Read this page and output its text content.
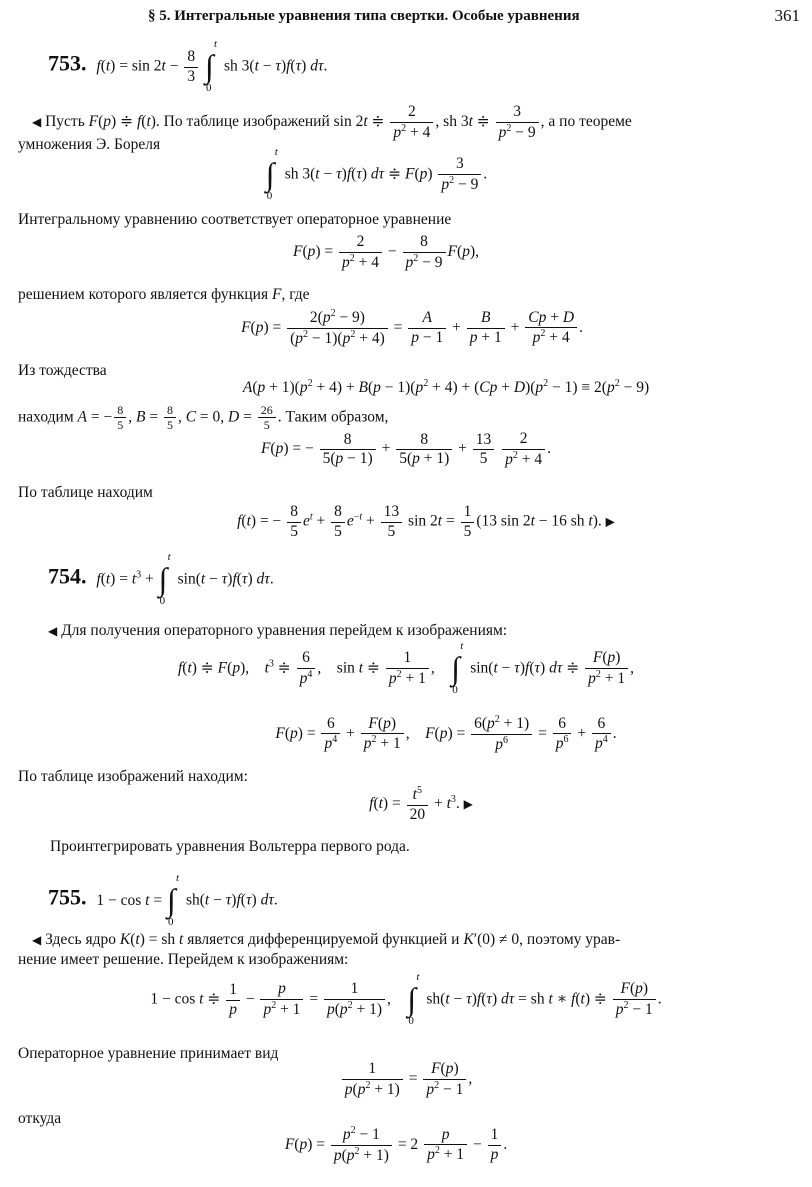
§ 5. Интегральные уравнения типа свертки. Особые уравнения	361
753. $f(t) = \sin 2t - \frac{8}{3}$
∫
t
0
sh 3(t − τ)f(τ) dτ.
◀ Пусть F(p) ≑ f(t). По таблице изображений sin 2t ≑ $\frac{2}{p^2 + 4}$ , sh 3t ≑ $\frac{3}{p^2 - 9}$ , а по теореме
умножения Э. Бореля
∫
t
0
sh 3(t − τ)f(τ) dτ ≑ $F(p) \frac{3}{p^2 - 9}$ .
Интегральному уравнению соответствует операторное уравнение
$F(p) = \frac{2}{p^2 + 4} - \frac{8}{p^2 - 9} F(p)$,
решением которого является функция F, где
$F(p) = \frac{2(p^2 - 9)}{(p^2 - 1)(p^2 + 4)} = \frac{A}{p - 1} + \frac{B}{p + 1} + \frac{Cp + D}{p^2 + 4}$ .
Из тождества
$A(p + 1)(p^2 + 4) + B(p - 1)(p^2 + 4) + (Cp + D)(p^2 - 1) \equiv 2(p^2 - 9)$
находим A = − $\frac{8}{5}$ , $B = \frac{8}{5}$ , C = 0, $D = \frac{26}{5}$ . Таким образом,
F(p) = − $\frac{8}{5(p - 1)} + \frac{8}{5(p + 1)} + \frac{13}{5}$
$\frac{2}{p^2 + 4}$ .
По таблице находим
f(t) = − $\frac{8}{5} e^t + \frac{8}{5} e^{-t} + \frac{13}{5}$ $\sin 2t = \frac{1}{5} (13$ sin 2t − 16 sh t). ▶
754. $f(t) = t^3$ + ∫
t
0
sin(t − τ)f(τ) dτ.
◀ Для получения операторного уравнения перейдем к изображениям:
f(t) ≑ F(p),    $t^3$ ≑ $\frac{6}{p^4}$ ,    sin t ≑ $\frac{1}{p^2 + 1}$ , ∫
t
0
sin(t − τ)f(τ) dτ ≑ $\frac{F(p)}{p^2 + 1}$ ,
$F(p) = \frac{6}{p^4} + \frac{F(p)}{p^2 + 1}$ ,    $F(p) = \frac{6(p^2 + 1)}{p^6} = \frac{6}{p^6} + \frac{6}{p^4}$ .
По таблице изображений находим:
$f(t) = \frac{t^5}{20} + t^3$. ▶
Проинтегрировать уравнения Вольтерра первого рода.
755. 1 − cos t = ∫
t
0
sh(t − τ)f(τ) dτ.
◀ Здесь ядро K(t) = sh t является дифференцируемой функцией и K′(0) ≠ 0, поэтому урав-
нение имеет решение. Перейдем к изображениям:
1 − cos t ≑ $\frac{1}{p} - \frac{p}{p^2 + 1} = \frac{1}{p(p^2 + 1)}$ , ∫
t
0
sh(t − τ)f(τ) dτ = sh t ∗ f(t) ≑ $\frac{F(p)}{p^2 - 1}$ .
Операторное уравнение принимает вид
$\frac{1}{p(p^2 + 1)} = \frac{F(p)}{p^2 - 1}$ ,
откуда
$F(p) = \frac{p^2 - 1}{p(p^2 + 1)} = 2 \frac{p}{p^2 + 1} - \frac{1}{p}$ .
